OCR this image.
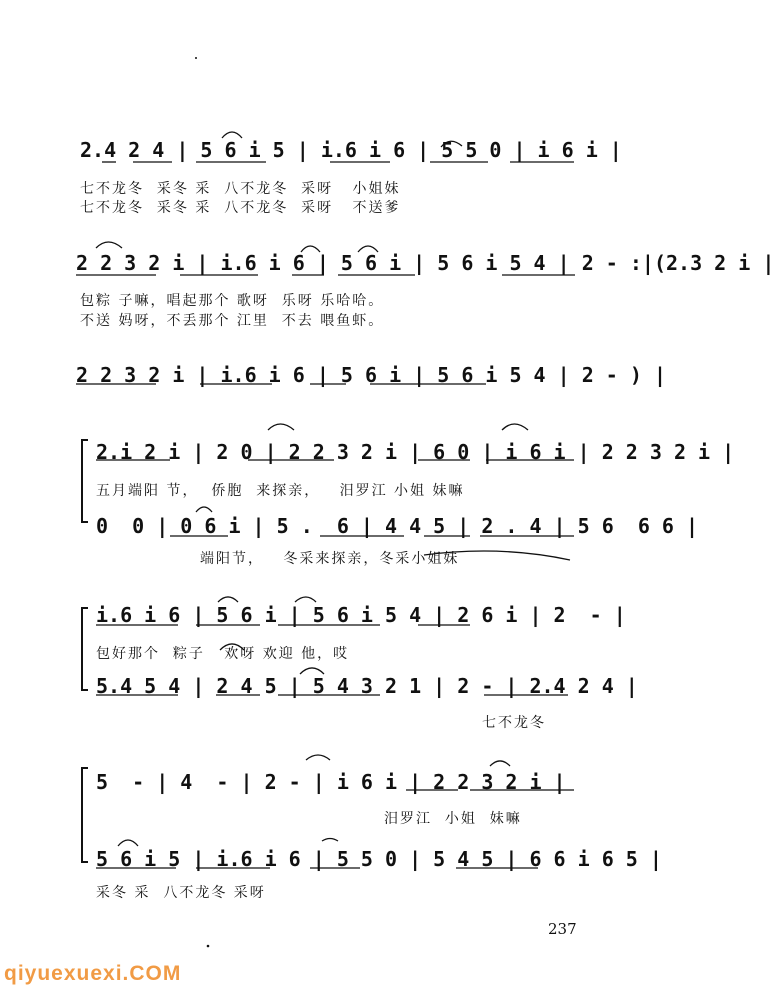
2.4 2 4 | 5 6 i 5 | i.6 i 6 | 5 5 0 | i 6 i |
七不龙冬  采冬 采  八不龙冬  采呀   小姐妹
七不龙冬  采冬 采  八不龙冬  采呀   不送爹
2 2 3 2 i | i.6 i 6 | 5 6 i | 5 6 i 5 4 | 2 - :|(2.3 2 i |
包粽 子嘛，唱起那个 歌呀  乐呀 乐哈哈。
不送 妈呀，不丢那个 江里  不去 喂鱼虾。
2 2 3 2 i | i.6 i 6 | 5 6 i | 5 6 i 5 4 | 2 - ) |
2.i 2 i | 2 0 | 2 2 3 2 i | 6 0 | i 6 i | 2 2 3 2 i |
五月端阳 节，  侨胞  来探亲，   汨罗江 小姐 妹嘛
0  0 | 0 6 i | 5 .  6 | 4 4 5 | 2 . 4 | 5 6  6 6 |
端阳节，   冬采来探亲，冬采小姐妹
i.6 i 6 | 5 6 i | 5 6 i 5 4 | 2 6 i | 2  - |
包好那个  粽子   欢呀 欢迎 他，哎
5.4 5 4 | 2 4 5 | 5 4 3 2 1 | 2 - | 2.4 2 4 |
七不龙冬
5  - | 4  - | 2 - | i 6 i | 2 2 3 2 i |
汨罗江  小姐  妹嘛
5 6 i 5 | i.6 i 6 | 5 5 0 | 5 4 5 | 6 6 i 6 5 |
采冬 采  八不龙冬 采呀
237
qiyuexuexi.COM
